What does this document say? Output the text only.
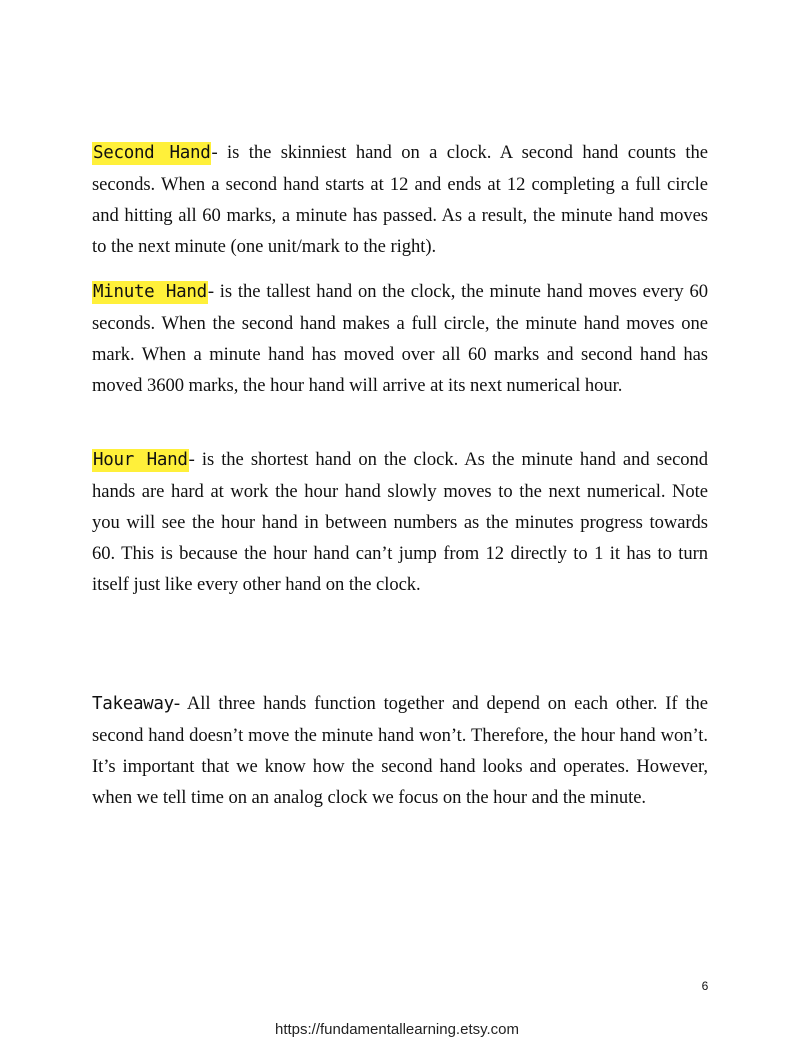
Second Hand- is the skinniest hand on a clock. A second hand counts the seconds. When a second hand starts at 12 and ends at 12 completing a full circle and hitting all 60 marks, a minute has passed. As a result, the minute hand moves to the next minute (one unit/mark to the right).

Minute Hand- is the tallest hand on the clock, the minute hand moves every 60 seconds. When the second hand makes a full circle, the minute hand moves one mark. When a minute hand has moved over all 60 marks and second hand has moved 3600 marks, the hour hand will arrive at its next numerical hour.

Hour Hand- is the shortest hand on the clock. As the minute hand and second hands are hard at work the hour hand slowly moves to the next numerical. Note you will see the hour hand in between numbers as the minutes progress towards 60. This is because the hour hand can’t jump from 12 directly to 1 it has to turn itself just like every other hand on the clock.

Takeaway- All three hands function together and depend on each other. If the second hand doesn’t move the minute hand won’t. Therefore, the hour hand won’t. It’s important that we know how the second hand looks and operates. However, when we tell time on an analog clock we focus on the hour and the minute.

6
https://fundamentallearning.etsy.com
